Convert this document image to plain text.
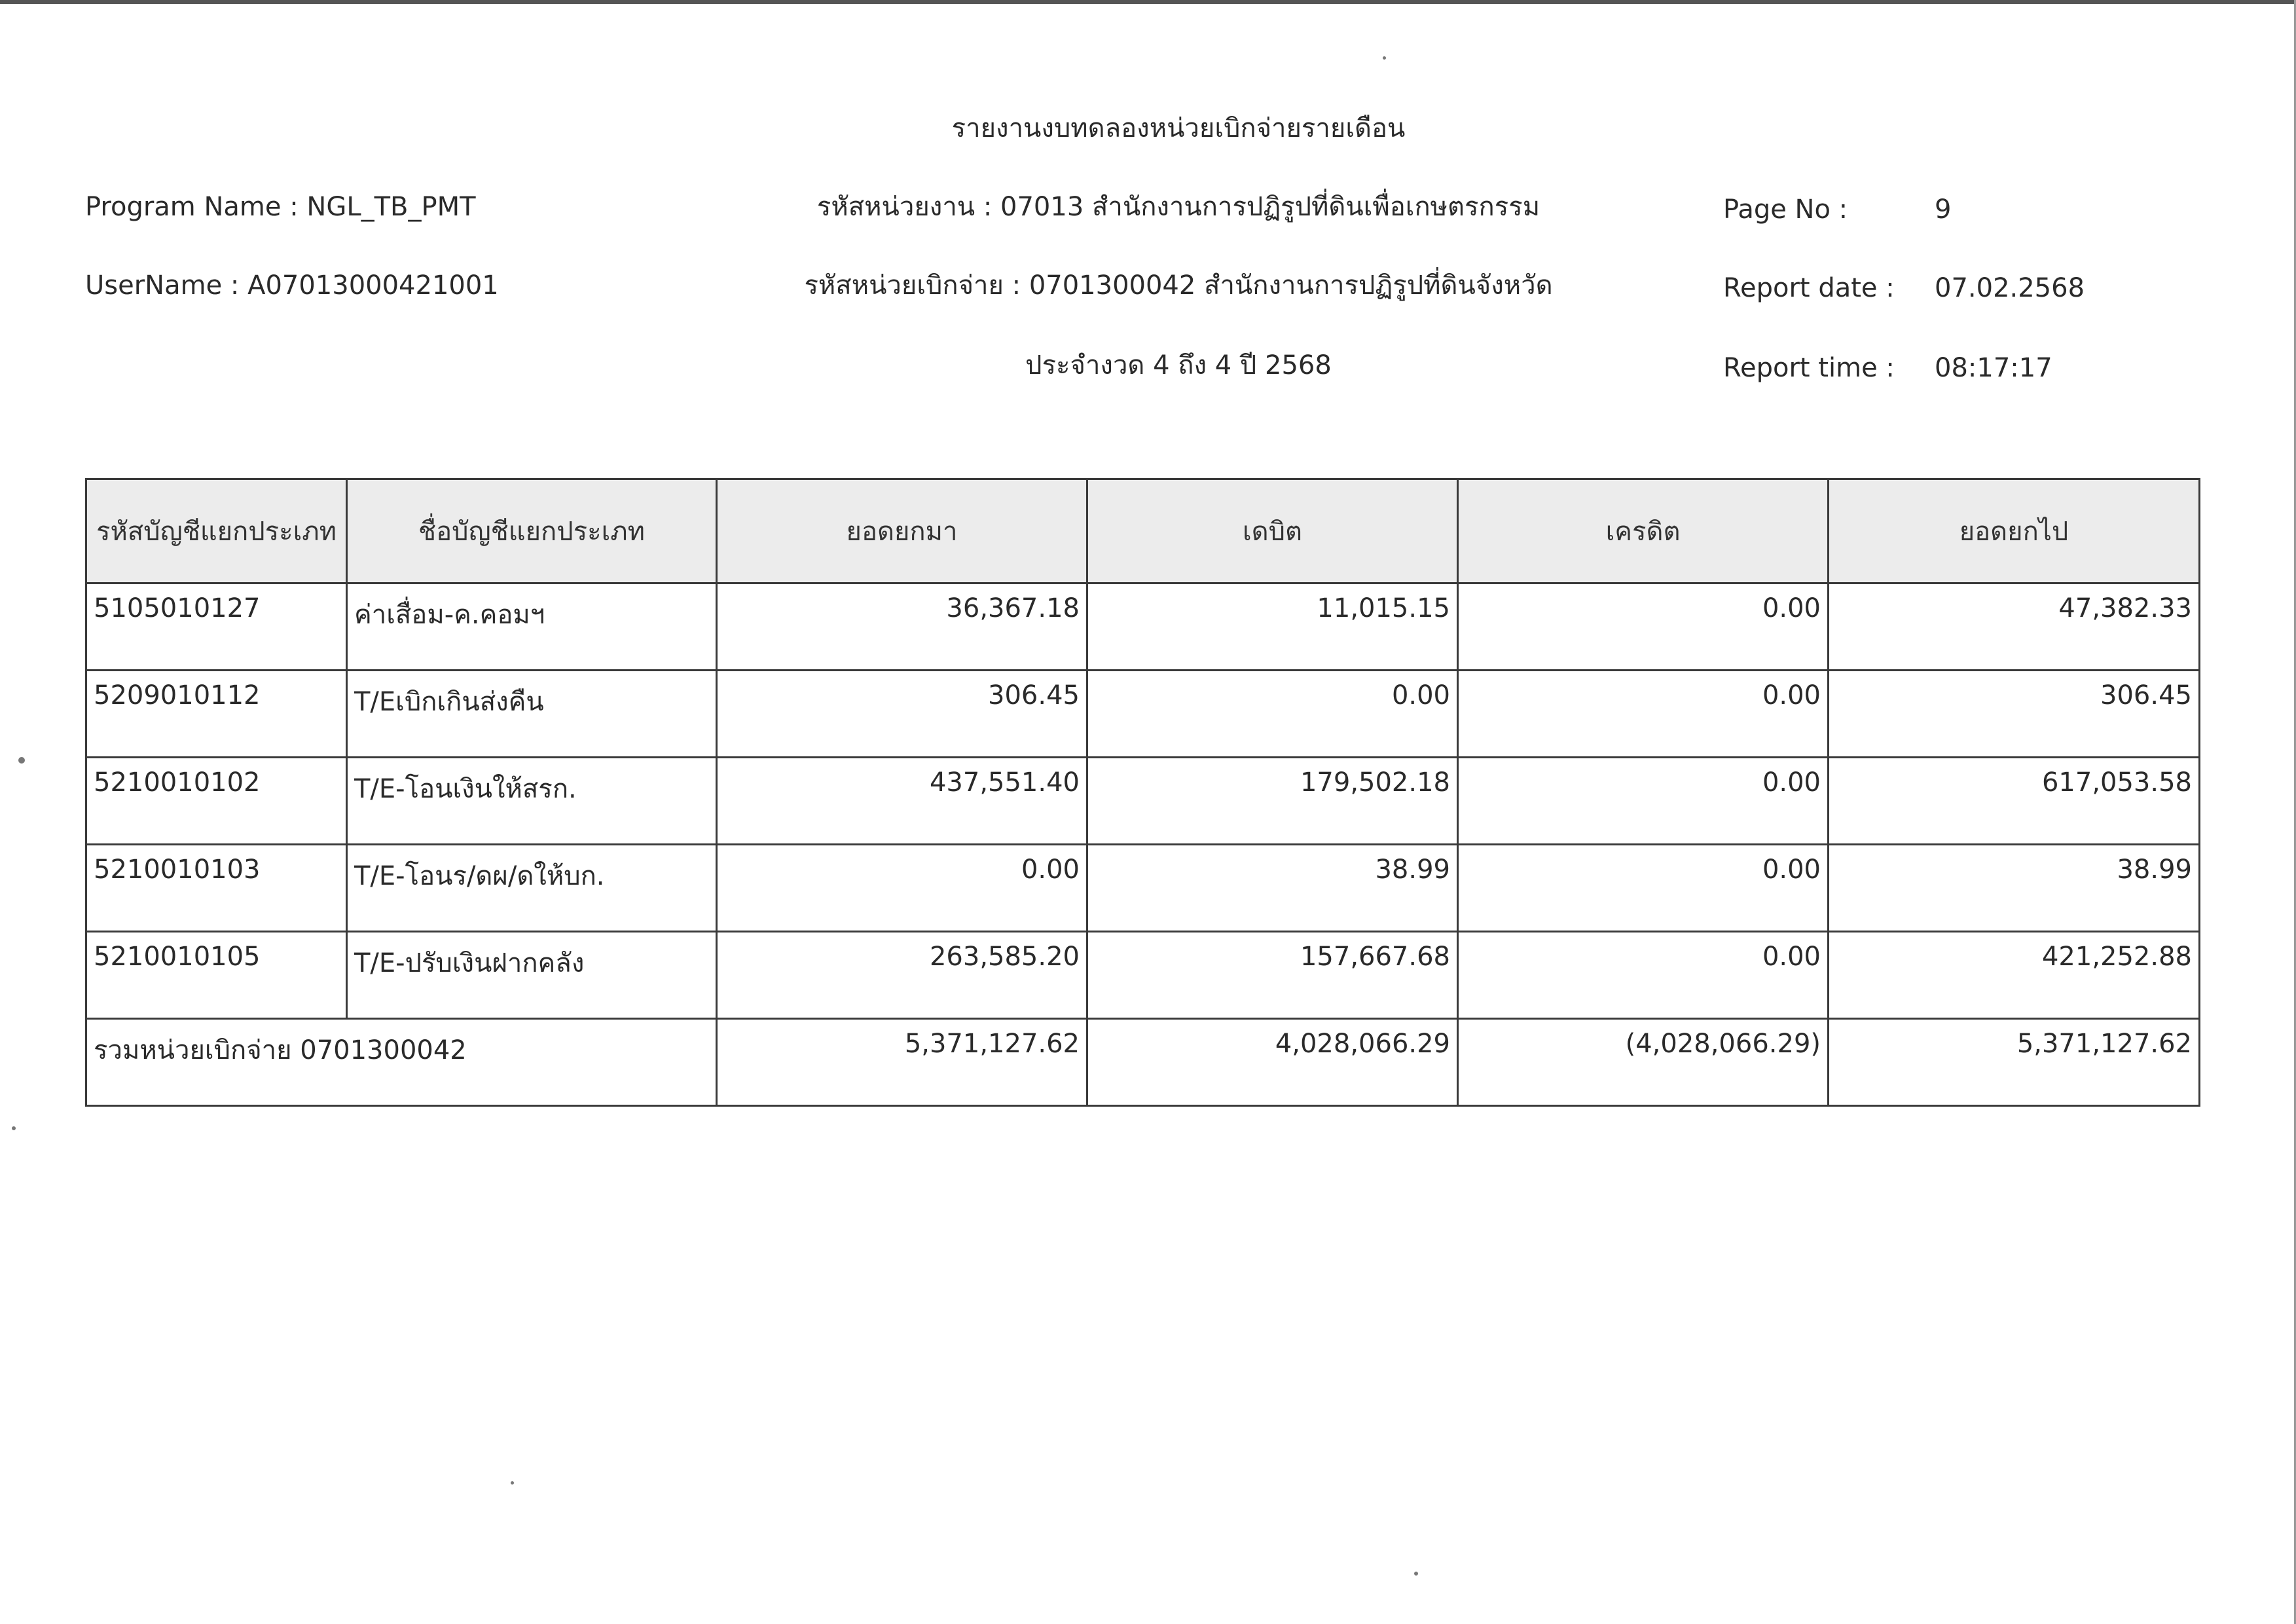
รายงานงบทดลองหน่วยเบิกจ่ายรายเดือน
Program Name : NGL_TB_PMT	รหัสหน่วยงาน : 07013 สำนักงานการปฏิรูปที่ดินเพื่อเกษตรกรรม
UserName : A07013000421001	รหัสหน่วยเบิกจ่าย : 0701300042 สำนักงานการปฏิรูปที่ดินจังหวัด
ประจำงวด 4 ถึง 4 ปี 2568
Page No :	9
Report date : 07.02.2568
Report time : 08:17:17
รหัสบัญชีแยกประเภท	ชื่อบัญชีแยกประเภท	ยอดยกมา	เดบิต	เครดิต	ยอดยกไป
5105010127	ค่าเสื่อม-ค.คอมฯ	36,367.18	11,015.15	0.00	47,382.33
5209010112	T/Eเบิกเกินส่งคืน	306.45	0.00	0.00	306.45
5210010102	T/E-โอนเงินให้สรก.	437,551.40	179,502.18	0.00	617,053.58
5210010103	T/E-โอนร/ดผ/ดให้บก.	0.00	38.99	0.00	38.99
5210010105	T/E-ปรับเงินฝากคลัง	263,585.20	157,667.68	0.00	421,252.88
รวมหน่วยเบิกจ่าย 0701300042		5,371,127.62	4,028,066.29	(4,028,066.29)	5,371,127.62
